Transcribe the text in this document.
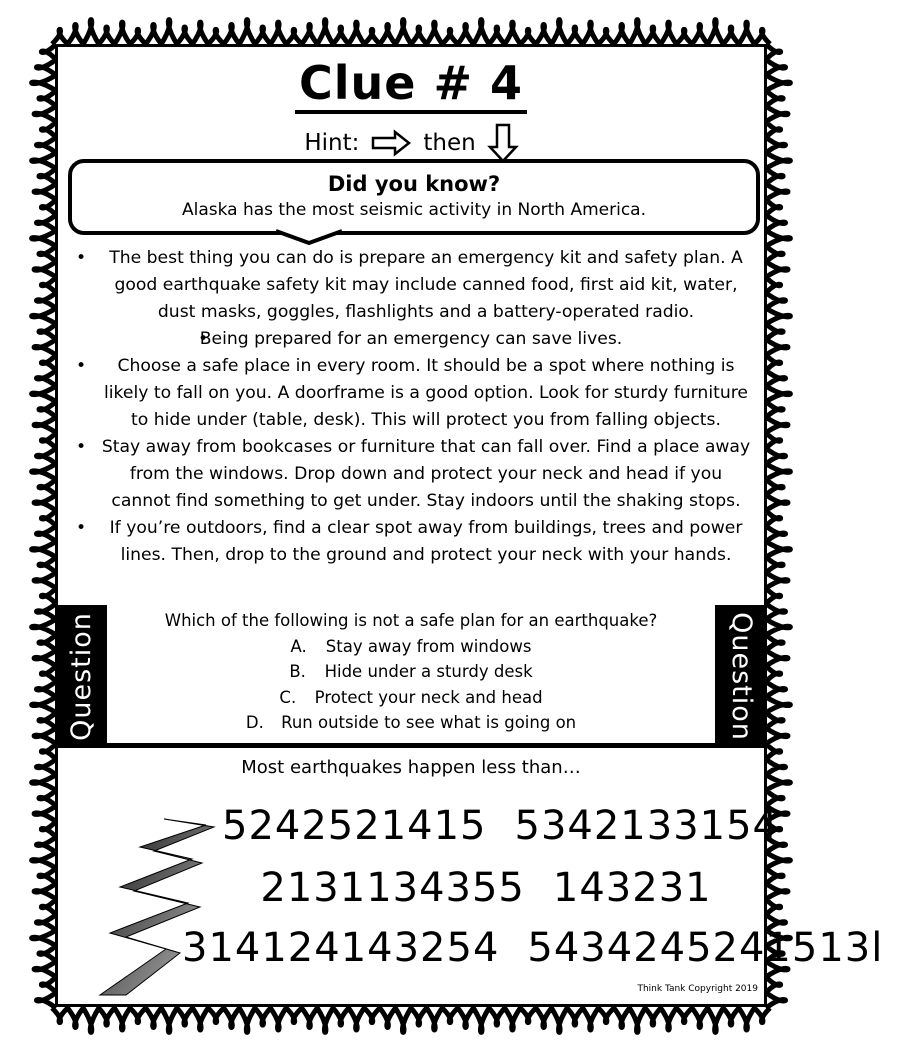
Clue # 4
Hint:	then
Did you know?

Alaska has the most seismic activity in North America.

• The best thing you can do is prepare an emergency kit and safety plan. A good earthquake safety kit may include canned food, first aid kit, water, dust masks, goggles, flashlights and a battery-operated radio.
• Being prepared for an emergency can save lives.
• Choose a safe place in every room. It should be a spot where nothing is likely to fall on you. A doorframe is a good option. Look for sturdy furniture to hide under (table, desk). This will protect you from falling objects.
• Stay away from bookcases or furniture that can fall over. Find a place away from the windows. Drop down and protect your neck and head if you cannot find something to get under. Stay indoors until the shaking stops.
• If you’re outdoors, find a clear spot away from buildings, trees and power lines. Then, drop to the ground and protect your neck with your hands.
Question	Which of the following is not a safe plan for an earthquake?
A. Stay away from windows
B. Hide under a sturdy desk
C. Protect your neck and head
D. Run outside to see what is going on	Question
Most earthquakes happen less than…
5242521415 5342133154
2131134355 143231
314124143254 5434245241513l
Think Tank Copyright 2019
